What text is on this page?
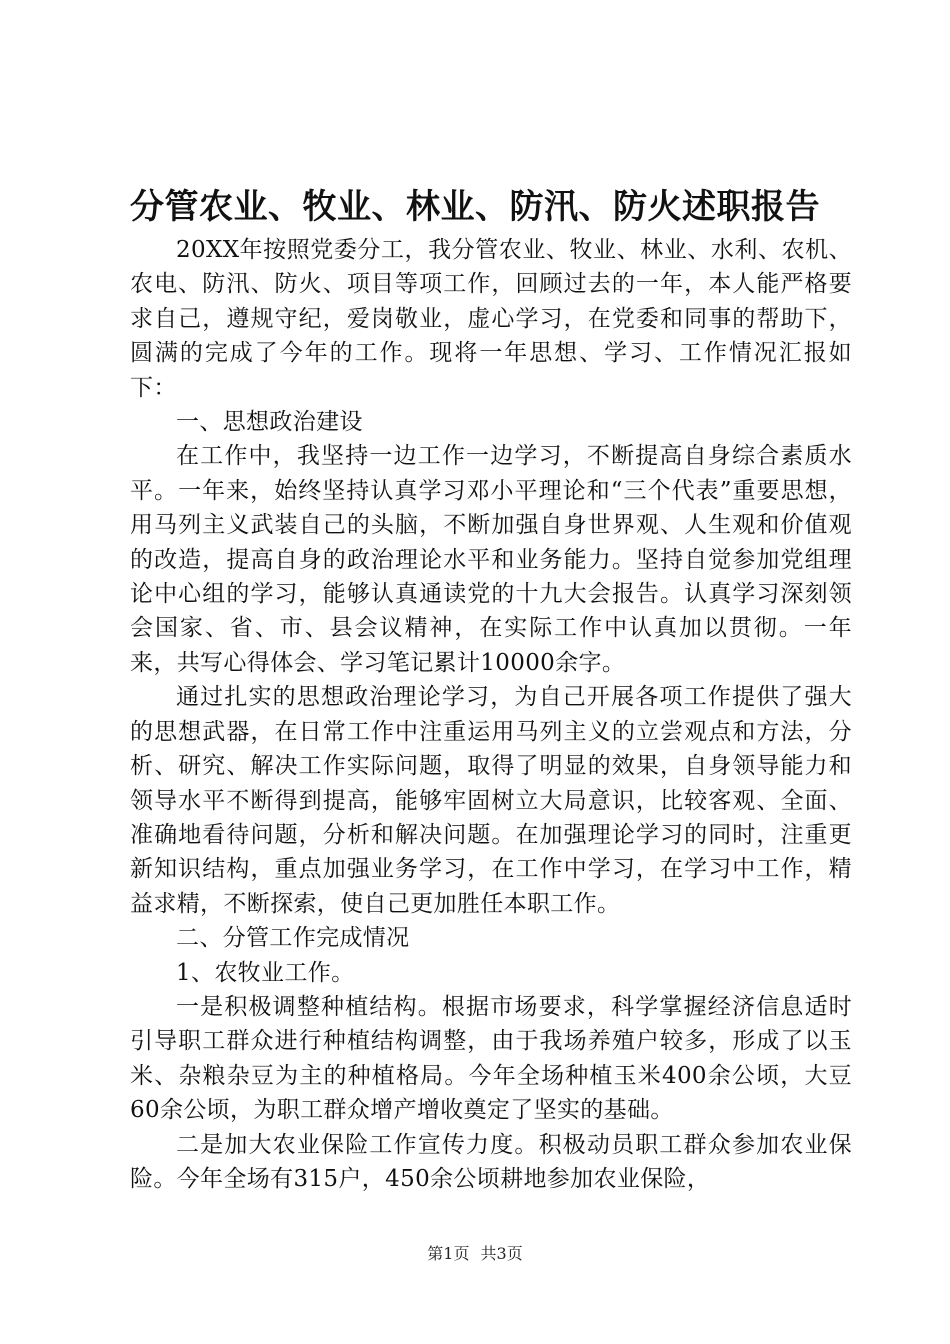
分管农业、牧业、林业、防汛、防火述职报告

20XX年按照党委分工，我分管农业、牧业、林业、水利、农机、农电、防汛、防火、项目等项工作，回顾过去的一年，本人能严格要求自己，遵规守纪，爱岗敬业，虚心学习，在党委和同事的帮助下，圆满的完成了今年的工作。现将一年思想、学习、工作情况汇报如下：

一、思想政治建设

在工作中，我坚持一边工作一边学习，不断提高自身综合素质水平。一年来，始终坚持认真学习邓小平理论和“三个代表”重要思想，用马列主义武装自己的头脑，不断加强自身世界观、人生观和价值观的改造，提高自身的政治理论水平和业务能力。坚持自觉参加党组理论中心组的学习，能够认真通读党的十九大会报告。认真学习深刻领会国家、省、市、县会议精神，在实际工作中认真加以贯彻。一年来，共写心得体会、学习笔记累计10000余字。

通过扎实的思想政治理论学习，为自己开展各项工作提供了强大的思想武器，在日常工作中注重运用马列主义的立尝观点和方法，分析、研究、解决工作实际问题，取得了明显的效果，自身领导能力和领导水平不断得到提高，能够牢固树立大局意识，比较客观、全面、准确地看待问题，分析和解决问题。在加强理论学习的同时，注重更新知识结构，重点加强业务学习，在工作中学习，在学习中工作，精益求精，不断探索，使自己更加胜任本职工作。

二、分管工作完成情况

1、农牧业工作。

一是积极调整种植结构。根据市场要求，科学掌握经济信息适时引导职工群众进行种植结构调整，由于我场养殖户较多，形成了以玉米、杂粮杂豆为主的种植格局。今年全场种植玉米400余公顷，大豆60余公顷，为职工群众增产增收奠定了坚实的基础。

二是加大农业保险工作宣传力度。积极动员职工群众参加农业保险。今年全场有315户，450余公顷耕地参加农业保险，

第1页 共3页
